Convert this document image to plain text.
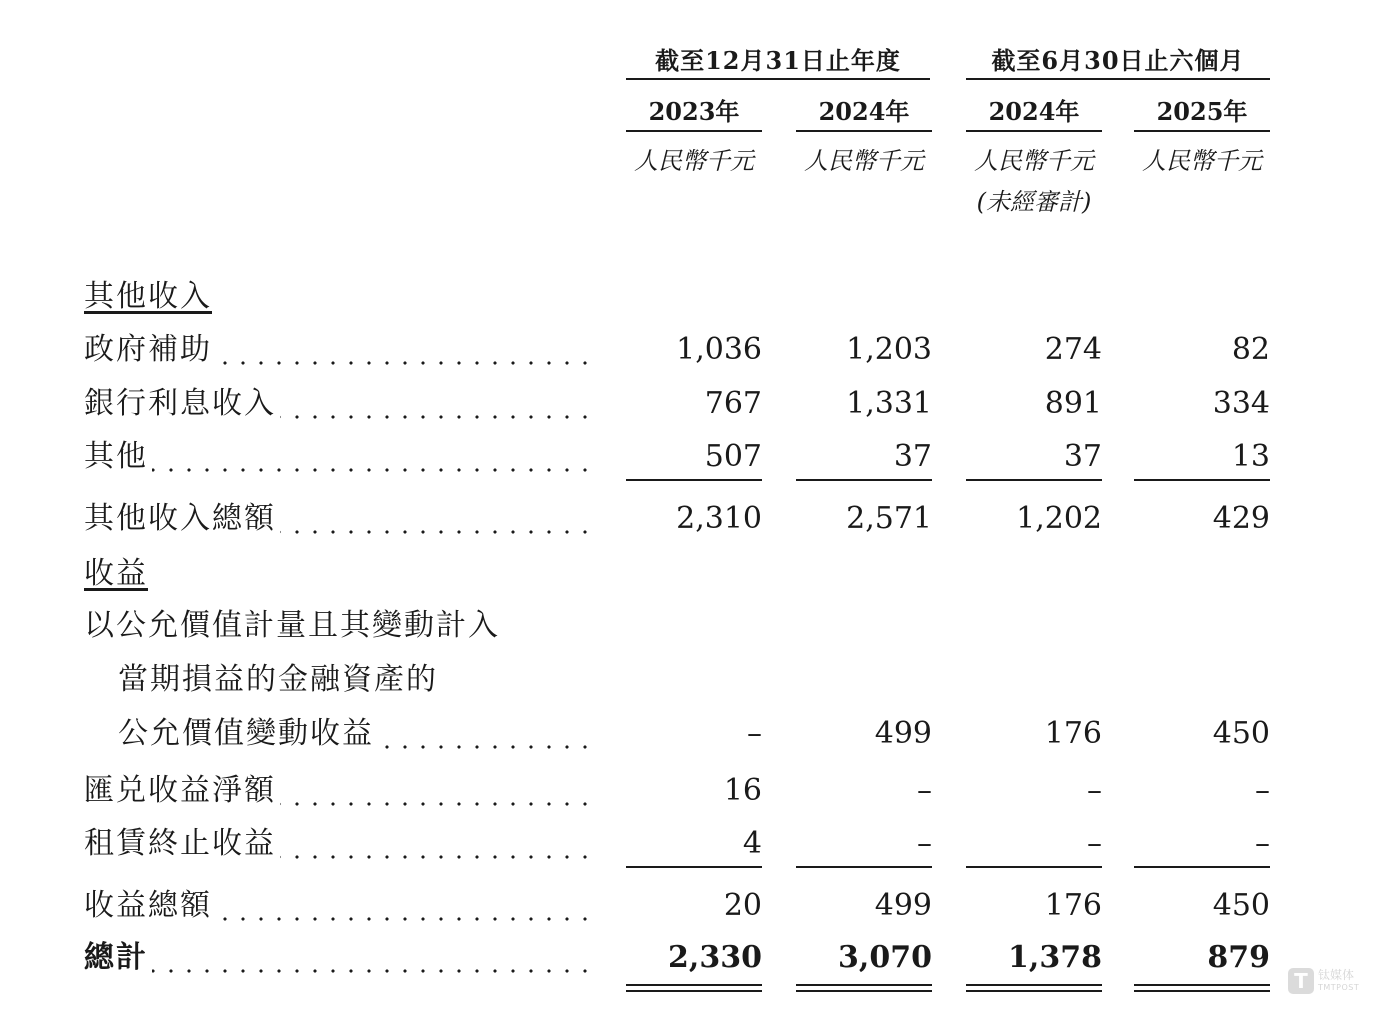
截至12月31日止年度	截至6月30日止六個月
2023年	2024年	2024年	2025年
人民幣千元	人民幣千元	人民幣千元	人民幣千元
(未經審計)
其他收入
政府補助	1,036	1,203	274	82
銀行利息收入	767	1,331	891	334
其他	507	37	37	13
其他收入總額	2,310	2,571	1,202	429
收益
以公允價值計量且其變動計入
當期損益的金融資產的
公允價值變動收益	–	499	176	450
匯兑收益淨額	16	–	–	–
租賃終止收益	4	–	–	–
收益總額	20	499	176	450
總計	2,330	3,070	1,378	879
T 钛媒体
TMTPOST
